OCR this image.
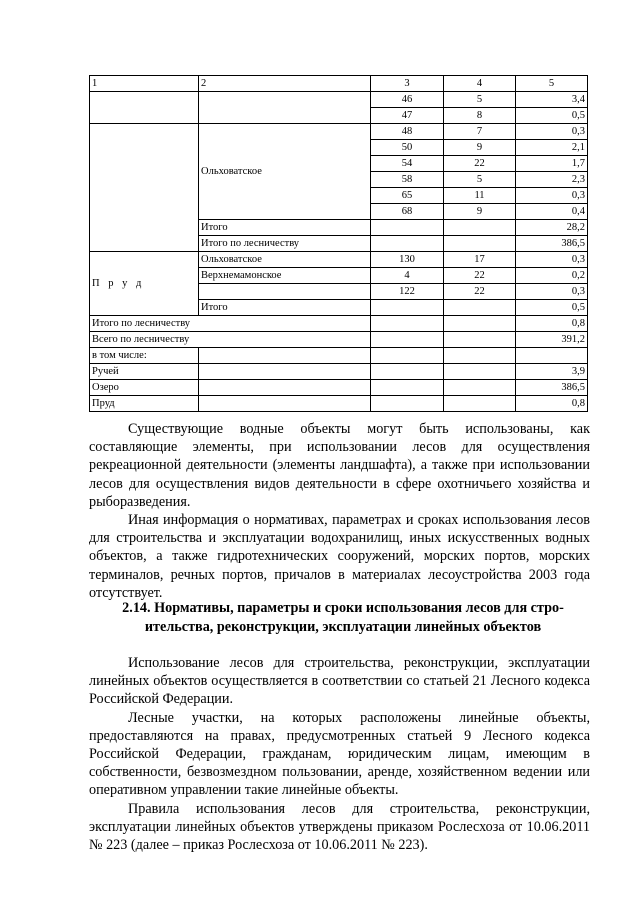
1	2	3	4	5
		46	5	3,4
		47	8	0,5
	Ольховатское	48	7	0,3
		50	9	2,1
		54	22	1,7
		58	5	2,3
		65	11	0,3
		68	9	0,4
	Итого			28,2
	Итого по лесничеству			386,5
П р у д	Ольховатское	130	17	0,3
	Верхнемамонское	4	22	0,2
		122	22	0,3
	Итого			0,5
Итого по лесничеству				0,8
Всего по лесничеству				391,2
в том числе:				
Ручей				3,9
Озеро				386,5
Пруд				0,8

Существующие водные объекты могут быть использованы, как составляющие элементы, при использовании лесов для осуществления рекреационной деятельности (элементы ландшафта), а также при использовании лесов для осуществления видов деятельности в сфере охотничьего хозяйства и рыборазведения.

Иная информация о нормативах, параметрах и сроках использования лесов для строительства и эксплуатации водохранилищ, иных искусственных водных объектов, а также гидротехнических сооружений, морских портов, морских терминалов, речных портов, причалов в материалах лесоустройства 2003 года отсутствует.

2.14. Нормативы, параметры и сроки использования лесов для стро-
ительства, реконструкции, эксплуатации линейных объектов

Использование лесов для строительства, реконструкции, эксплуатации линейных объектов осуществляется в соответствии со статьей 21 Лесного кодекса Российской Федерации.

Лесные участки, на которых расположены линейные объекты, предоставляются на правах, предусмотренных статьей 9 Лесного кодекса Российской Федерации, гражданам, юридическим лицам, имеющим в собственности, безвозмездном пользовании, аренде, хозяйственном ведении или оперативном управлении такие линейные объекты.

Правила использования лесов для строительства, реконструкции, эксплуатации линейных объектов утверждены приказом Рослесхоза от 10.06.2011 № 223 (далее – приказ Рослесхоза от 10.06.2011 № 223).
